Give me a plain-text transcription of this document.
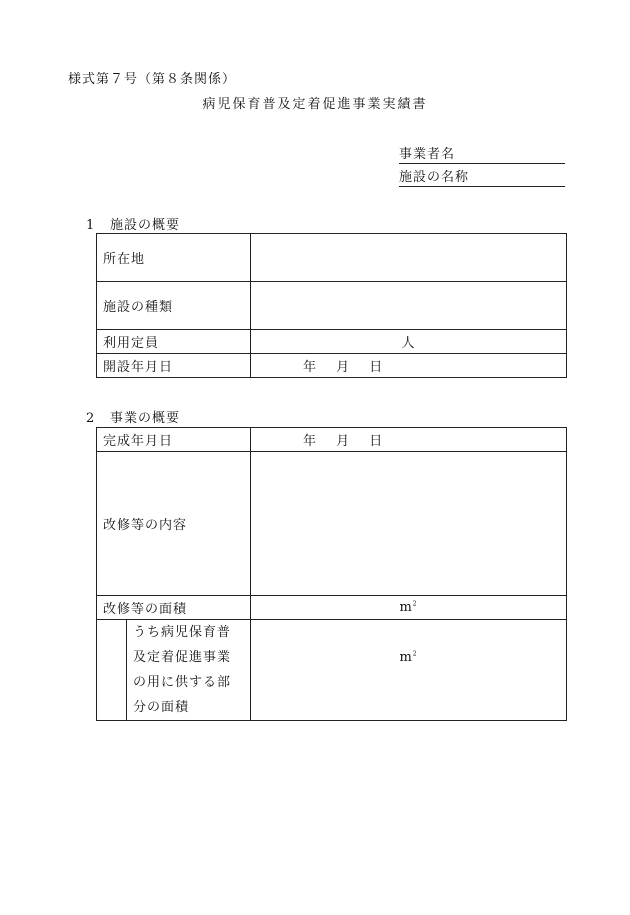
様式第７号（第８条関係）
病児保育普及定着促進事業実績書
事業者名
施設の名称
1 施設の概要
所在地	
施設の種類	
利用定員	人

開設年月日	年　 月　 日
2 事業の概要
完成年月日		年　 月　 日

改修等の内容		
改修等の面積		$m^2$

	うち病児保育普
及定着促進事業
の用に供する部
分の面積	$m^2$
